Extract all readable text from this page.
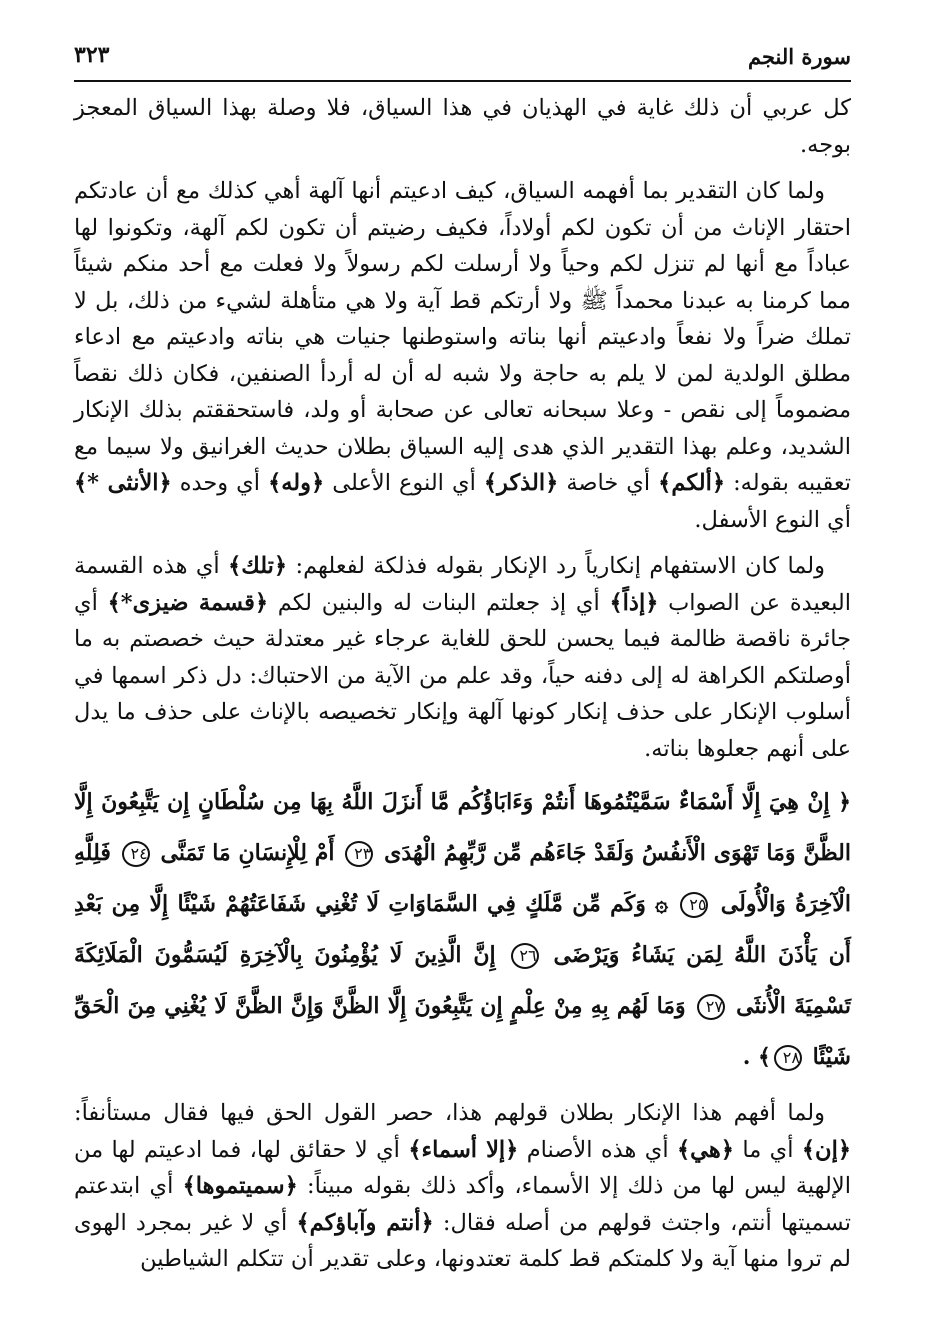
سورة النجم
٣٢٣

كل عربي أن ذلك غاية في الهذيان في هذا السياق، فلا وصلة بهذا السياق المعجز بوجه.

ولما كان التقدير بما أفهمه السياق، كيف ادعيتم أنها آلهة أهي كذلك مع أن عادتكم احتقار الإناث من أن تكون لكم أولاداً، فكيف رضيتم أن تكون لكم آلهة، وتكونوا لها عباداً مع أنها لم تنزل لكم وحياً ولا أرسلت لكم رسولاً ولا فعلت مع أحد منكم شيئاً مما كرمنا به عبدنا محمداً ﷺ ولا أرتكم قط آية ولا هي متأهلة لشيء من ذلك، بل لا تملك ضراً ولا نفعاً وادعيتم أنها بناته واستوطنها جنيات هي بناته وادعيتم مع ادعاء مطلق الولدية لمن لا يلم به حاجة ولا شبه له أن له أردأ الصنفين، فكان ذلك نقصاً مضموماً إلى نقص - وعلا سبحانه تعالى عن صحابة أو ولد، فاستحققتم بذلك الإنكار الشديد، وعلم بهذا التقدير الذي هدى إليه السياق بطلان حديث الغرانيق ولا سيما مع تعقيبه بقوله: ﴿ألكم﴾ أي خاصة ﴿الذكر﴾ أي النوع الأعلى ﴿وله﴾ أي وحده ﴿الأنثى *﴾ أي النوع الأسفل.

ولما كان الاستفهام إنكارياً رد الإنكار بقوله فذلكة لفعلهم: ﴿تلك﴾ أي هذه القسمة البعيدة عن الصواب ﴿إذاً﴾ أي إذ جعلتم البنات له والبنين لكم ﴿قسمة ضيزى*﴾ أي جائرة ناقصة ظالمة فيما يحسن للحق للغاية عرجاء غير معتدلة حيث خصصتم به ما أوصلتكم الكراهة له إلى دفنه حياً، وقد علم من الآية من الاحتباك: دل ذكر اسمها في أسلوب الإنكار على حذف إنكار كونها آلهة وإنكار تخصيصه بالإناث على حذف ما يدل على أنهم جعلوها بناته.

﴿ إِنْ هِيَ إِلَّا أَسْمَاءٌ سَمَّيْتُمُوهَا أَنتُمْ وَءَابَاؤُكُم مَّا أَنزَلَ اللَّهُ بِهَا مِن سُلْطَانٍ إِن يَتَّبِعُونَ إِلَّا الظَّنَّ وَمَا تَهْوَى الْأَنفُسُ وَلَقَدْ جَاءَهُم مِّن رَّبِّهِمُ الْهُدَى ٢٣ أَمْ لِلْإِنسَانِ مَا تَمَنَّى ٢٤ فَلِلَّهِ الْآخِرَةُ وَالْأُولَى ٢٥ ۞ وَكَم مِّن مَّلَكٍ فِي السَّمَاوَاتِ لَا تُغْنِي شَفَاعَتُهُمْ شَيْئًا إِلَّا مِن بَعْدِ أَن يَأْذَنَ اللَّهُ لِمَن يَشَاءُ وَيَرْضَى ٢٦ إِنَّ الَّذِينَ لَا يُؤْمِنُونَ بِالْآخِرَةِ لَيُسَمُّونَ الْمَلَائِكَةَ تَسْمِيَةَ الْأُنثَى ٢٧ وَمَا لَهُم بِهِ مِنْ عِلْمٍ إِن يَتَّبِعُونَ إِلَّا الظَّنَّ وَإِنَّ الظَّنَّ لَا يُغْنِي مِنَ الْحَقِّ شَيْئًا ٢٨﴾ .

ولما أفهم هذا الإنكار بطلان قولهم هذا، حصر القول الحق فيها فقال مستأنفاً: ﴿إن﴾ أي ما ﴿هي﴾ أي هذه الأصنام ﴿إلا أسماء﴾ أي لا حقائق لها، فما ادعيتم لها من الإلهية ليس لها من ذلك إلا الأسماء، وأكد ذلك بقوله مبيناً: ﴿سميتموها﴾ أي ابتدعتم تسميتها أنتم، واجتث قولهم من أصله فقال: ﴿أنتم وآباؤكم﴾ أي لا غير بمجرد الهوى لم تروا منها آية ولا كلمتكم قط كلمة تعتدونها، وعلى تقدير أن تتكلم الشياطين
